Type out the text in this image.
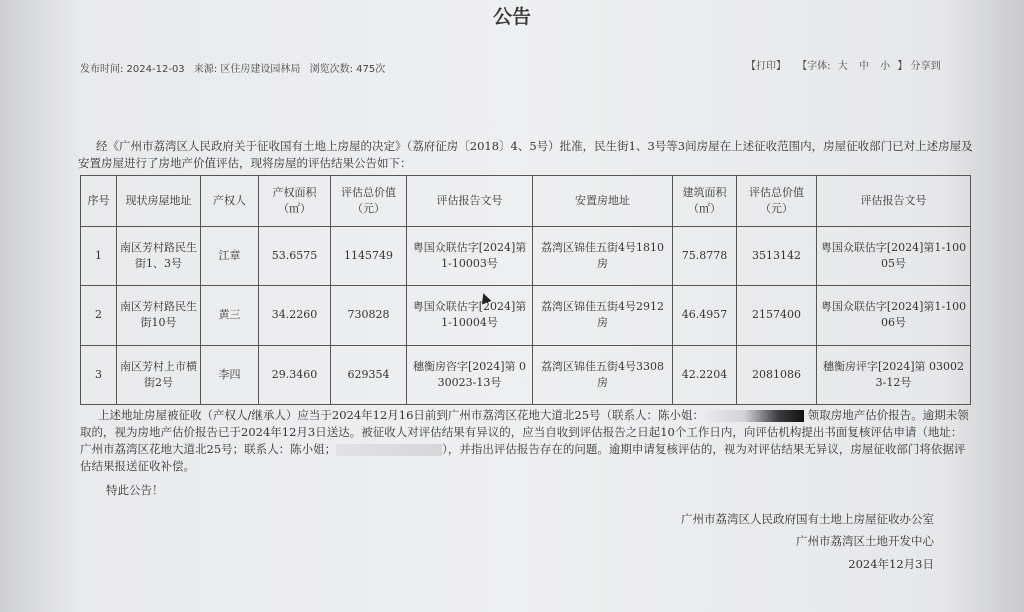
公告
发布时间: 2024-12-03 来源: 区住房建设园林局 浏览次数: 475次	【打印】 【字体: 大 中 小 】 分享到
经《广州市荔湾区人民政府关于征收国有土地上房屋的决定》（荔府征房〔2018〕4、5号）批准，民生街1、3号等3间房屋在上述征收范围内，房屋征收部门已对上述房屋及安置房屋进行了房地产价值评估，现将房屋的评估结果公告如下：
序号	现状房屋地址	产权人	产权面积（㎡）	评估总价值（元）	评估报告文号	安置房地址	建筑面积（㎡）	评估总价值（元）	评估报告文号
1	南区芳村路民生街1、3号	江章	53.6575	1145749	粤国众联估字[2024]第1-10003号	荔湾区锦佳五街4号1810房	75.8778	3513142	粤国众联估字[2024]第1-10005号
2	南区芳村路民生街10号	黄三	34.2260	730828	粤国众联估字[2024]第1-10004号	荔湾区锦佳五街4号2912房	46.4957	2157400	粤国众联估字[2024]第1-10006号
3	南区芳村上市横街2号	李四	29.3460	629354	穗衡房咨字[2024]第 030023-13号	荔湾区锦佳五街4号3308房	42.2204	2081086	穗衡房评字[2024]第 030023-12号

上述地址房屋被征收（产权人/继承人）应当于2024年12月16日前到广州市荔湾区花地大道北25号（联系人：陈小姐：	领取房地产估价报告。逾期未领取的，视为房地产估价报告已于2024年12月3日送达。被征收人对评估结果有异议的，应当自收到评估报告之日起10个工作日内，向评估机构提出书面复核评估申请（地址：广州市荔湾区花地大道北25号；联系人：陈小姐；	），并指出评估报告存在的问题。逾期申请复核评估的，视为对评估结果无异议，房屋征收部门将依据评估结果报送征收补偿。

特此公告！
广州市荔湾区人民政府国有土地上房屋征收办公室
广州市荔湾区土地开发中心
2024年12月3日
